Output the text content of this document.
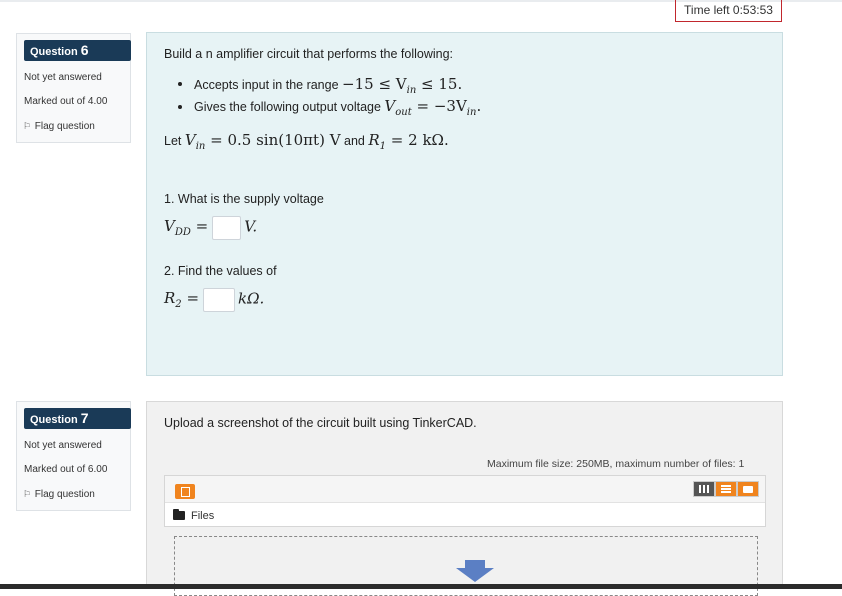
Time left 0:53:53
Question 6
Not yet answered
Marked out of 4.00
⚐ Flag question
Build a n amplifier circuit that performs the following:
Accepts input in the range $-15 \le V_{in} \le 15$.
Gives the following output voltage $V_{out} = -3V_{in}$.
Let $V_{in} = 0.5$ sin(10πt) V and $R_1 = 2$ kΩ.
1. What is the supply voltage
$V_{DD} = V$.
2. Find the values of
$R_2$ =	kΩ.
Question 7
Not yet answered
Marked out of 6.00
⚐ Flag question
Upload a screenshot of the circuit built using TinkerCAD.
Maximum file size: 250MB, maximum number of files: 1
Files
